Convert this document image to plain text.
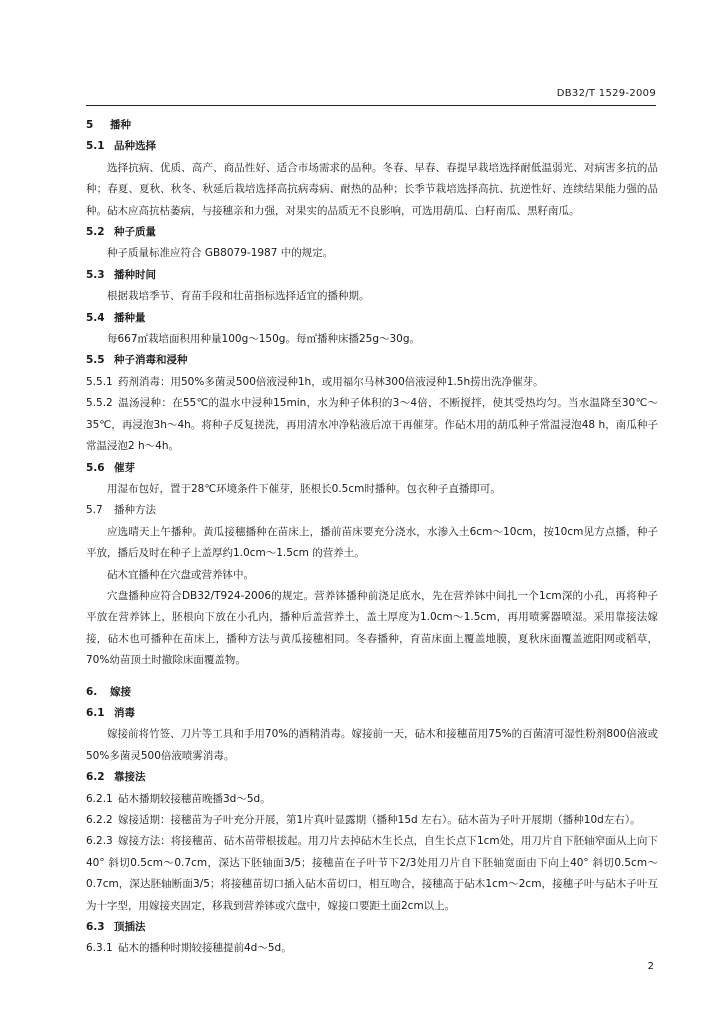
DB32/T 1529-2009
5 播种
5.1 品种选择
选择抗病、优质、高产、商品性好、适合市场需求的品种。冬春、早春、春提早栽培选择耐低温弱光、对病害多抗的品种；春夏、夏秋、秋冬、秋延后栽培选择高抗病毒病、耐热的品种；长季节栽培选择高抗、抗逆性好、连续结果能力强的品种。砧木应高抗枯萎病，与接穗亲和力强，对果实的品质无不良影响，可选用葫瓜、白籽南瓜、黑籽南瓜。
5.2 种子质量
种子质量标准应符合 GB8079-1987 中的规定。
5.3 播种时间
根据栽培季节、育苗手段和壮苗指标选择适宜的播种期。
5.4 播种量
每667㎡栽培面积用种量100g～150g。每㎡播种床播25g～30g。
5.5 种子消毒和浸种
5.5.1 药剂消毒：用50%多菌灵500倍液浸种1h，或用福尔马林300倍液浸种1.5h捞出洗净催芽。
5.5.2 温汤浸种：在55℃的温水中浸种15min，水为种子体积的3～4倍，不断搅拌，使其受热均匀。当水温降至30℃～35℃，再浸泡3h～4h。将种子反复搓洗，再用清水冲净粘液后凉干再催芽。作砧木用的葫瓜种子常温浸泡48 h，南瓜种子常温浸泡2 h～4h。
5.6 催芽
用湿布包好，置于28℃环境条件下催芽，胚根长0.5cm时播种。包衣种子直播即可。
5.7 播种方法
应选晴天上午播种。黄瓜接穗播种在苗床上，播前苗床要充分浇水，水渗入土6cm～10cm，按10cm见方点播，种子平放，播后及时在种子上盖厚约1.0cm～1.5cm 的营养土。
砧木宜播种在穴盘或营养钵中。
穴盘播种应符合DB32/T924-2006的规定。营养钵播种前浇足底水，先在营养钵中间扎一个1cm深的小孔，再将种子平放在营养钵上，胚根向下放在小孔内，播种后盖营养土，盖土厚度为1.0cm～1.5cm，再用喷雾器喷湿。采用靠接法嫁接，砧木也可播种在苗床上，播种方法与黄瓜接穗相同。冬春播种，育苗床面上覆盖地膜，夏秋床面覆盖遮阳网或稻草，70%幼苗顶土时撤除床面覆盖物。
6. 嫁接
6.1 消毒
嫁接前将竹签、刀片等工具和手用70%的酒精消毒。嫁接前一天，砧木和接穗苗用75%的百菌清可湿性粉剂800倍液或50%多菌灵500倍液喷雾消毒。
6.2 靠接法
6.2.1 砧木播期较接穗苗晚播3d～5d。
6.2.2 嫁接适期：接穗苗为子叶充分开展，第1片真叶显露期（播种15d 左右）。砧木苗为子叶开展期（播种10d左右）。
6.2.3 嫁接方法：将接穗苗、砧木苗带根拔起。用刀片去掉砧木生长点，自生长点下1cm处，用刀片自下胚轴窄面从上向下40° 斜切0.5cm～0.7cm，深达下胚轴面3/5；接穗苗在子叶节下2/3处用刀片自下胚轴宽面由下向上40° 斜切0.5cm～0.7cm，深达胚轴断面3/5；将接穗苗切口插入砧木苗切口，相互吻合，接穗高于砧木1cm～2cm，接穗子叶与砧木子叶互为十字型，用嫁接夹固定，移栽到营养钵或穴盘中，嫁接口要距土面2cm以上。
6.3 顶插法
6.3.1 砧木的播种时期较接穗提前4d～5d。
2
